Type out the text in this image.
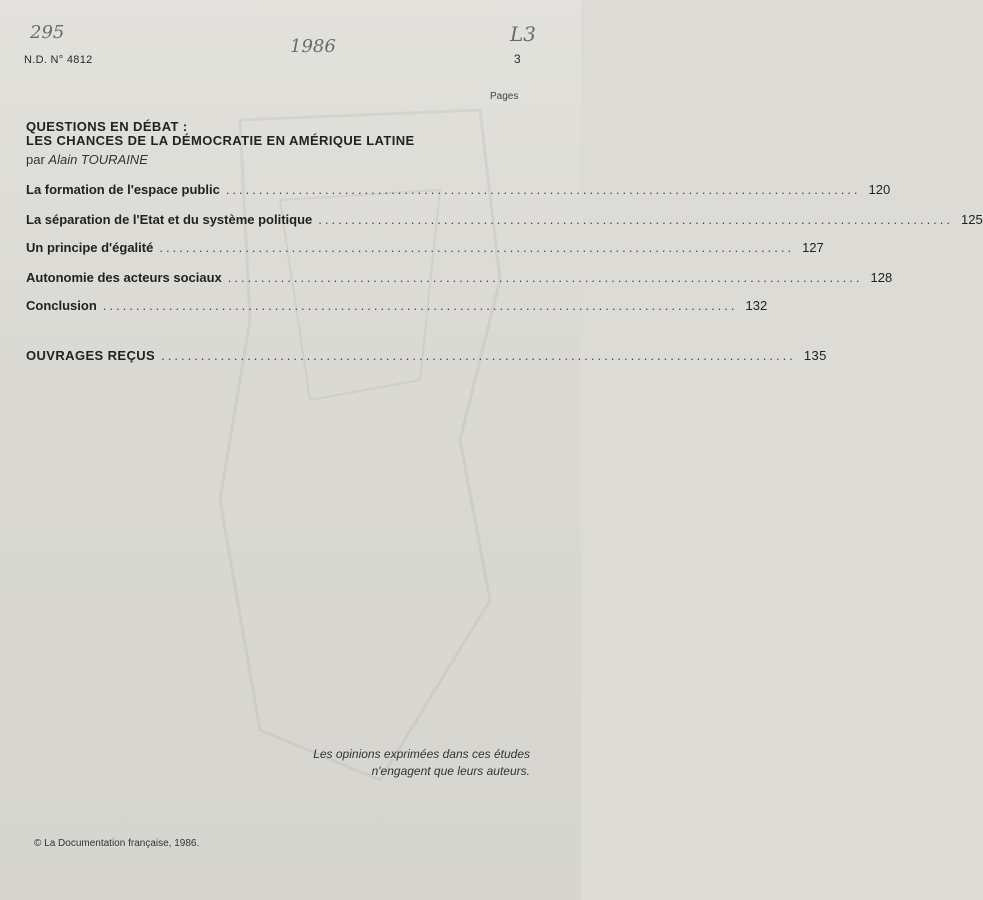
295
1986
L3
N.D. N° 4812	3
Pages
QUESTIONS EN DÉBAT :
LES CHANCES DE LA DÉMOCRATIE EN AMÉRIQUE LATINE
par Alain TOURAINE
La formation de l'espace public ................................................................................................ 120
La séparation de l'Etat et du système politique ................................................................................................ 125
Un principe d'égalité ................................................................................................ 127
Autonomie des acteurs sociaux ................................................................................................ 128
Conclusion ................................................................................................ 132
OUVRAGES REÇUS ................................................................................................ 135
Les opinions exprimées dans ces études
n'engagent que leurs auteurs.
© La Documentation française, 1986.
